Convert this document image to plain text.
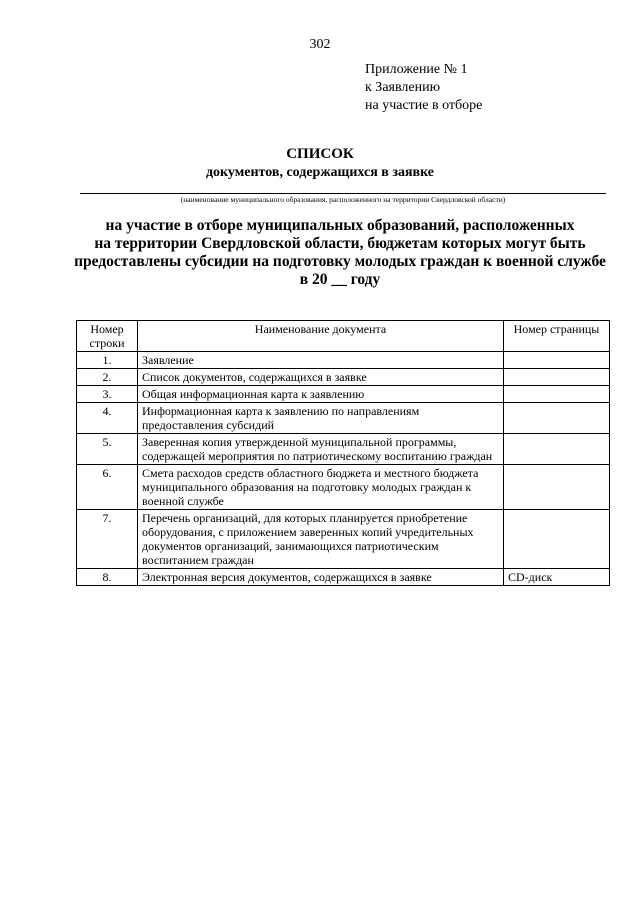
302
Приложение № 1
к Заявлению
на участие в отборе
СПИСОК
документов, содержащихся в заявке
(наименование муниципального образования, расположенного на территории Свердловской области)
на участие в отборе муниципальных образований, расположенных
на территории Свердловской области, бюджетам которых могут быть
предоставлены субсидии на подготовку молодых граждан к военной службе
в 20 __ году
Номер строки	Наименование документа	Номер страницы
1.	Заявление	
2.	Список документов, содержащихся в заявке	
3.	Общая информационная карта к заявлению	
4.	Информационная карта к заявлению по направлениям предоставления субсидий	
5.	Заверенная копия утвержденной муниципальной программы, содержащей мероприятия по патриотическому воспитанию граждан	
6.	Смета расходов средств областного бюджета и местного бюджета муниципального образования на подготовку молодых граждан к военной службе	
7.	Перечень организаций, для которых планируется приобретение оборудования, с приложением заверенных копий учредительных документов организаций, занимающихся патриотическим воспитанием граждан	
8.	Электронная версия документов, содержащихся в заявке	CD-диск
